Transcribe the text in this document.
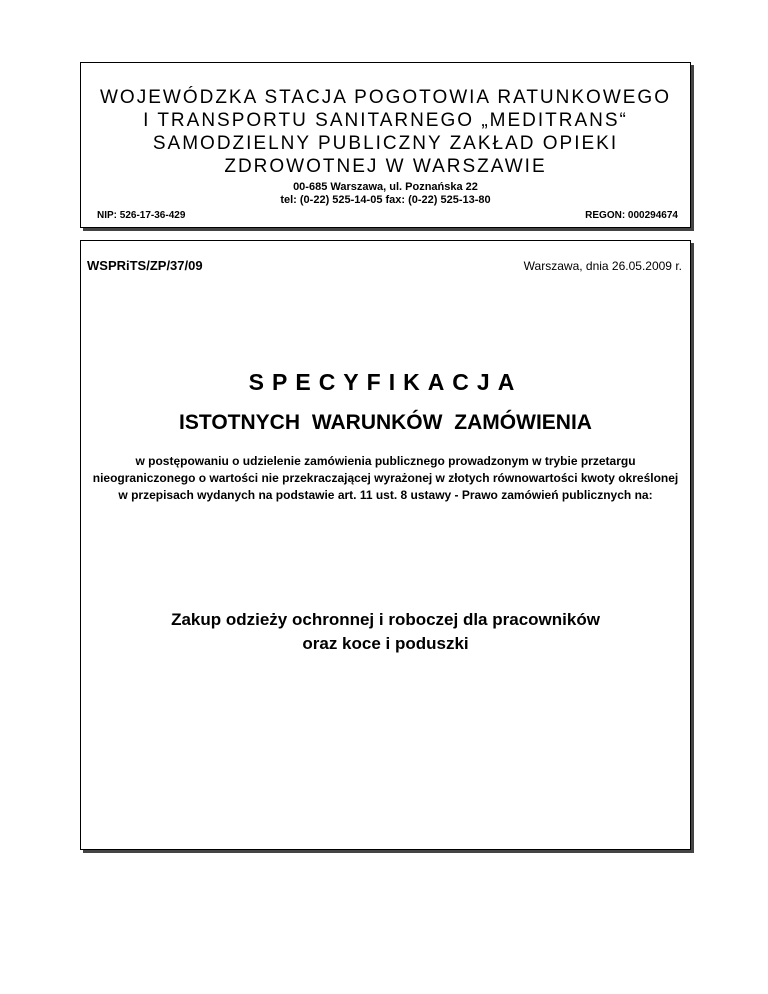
WOJEWÓDZKA STACJA POGOTOWIA RATUNKOWEGO
I TRANSPORTU SANITARNEGO „MEDITRANS“
SAMODZIELNY PUBLICZNY ZAKŁAD OPIEKI
ZDROWOTNEJ W WARSZAWIE
00-685 Warszawa, ul. Poznańska 22
tel: (0-22) 525-14-05 fax: (0-22) 525-13-80
NIP: 526-17-36-429	REGON: 000294674
WSPRiTS/ZP/37/09	Warszawa, dnia 26.05.2009 r.
SPECYFIKACJA
ISTOTNYCH WARUNKÓW ZAMÓWIENIA
w postępowaniu o udzielenie zamówienia publicznego prowadzonym w trybie przetargu nieograniczonego o wartości nie przekraczającej wyrażonej w złotych równowartości kwoty określonej w przepisach wydanych na podstawie art. 11 ust. 8 ustawy - Prawo zamówień publicznych na:
Zakup odzieży ochronnej i roboczej dla pracowników
oraz koce i poduszki
